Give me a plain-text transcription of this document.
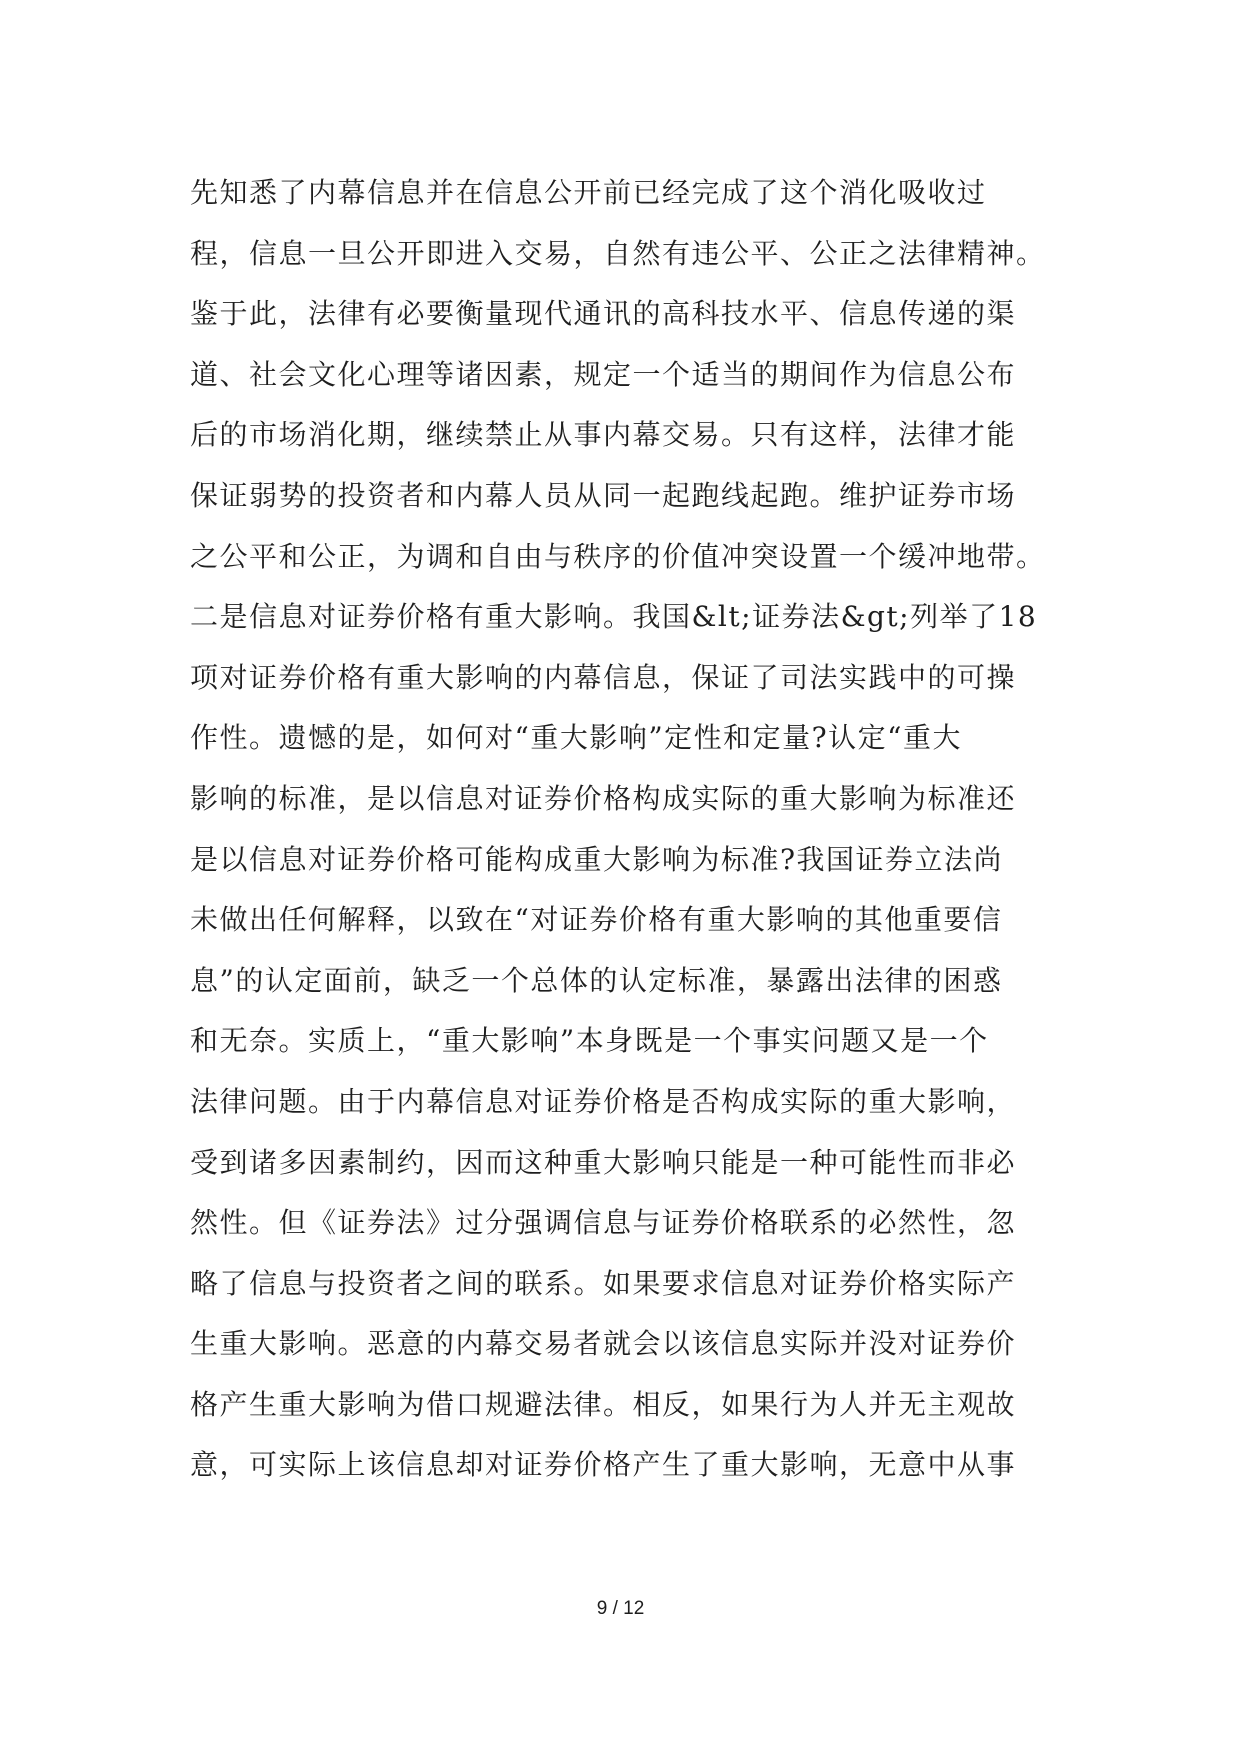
先知悉了内幕信息并在信息公开前已经完成了这个消化吸收过
程，信息一旦公开即进入交易，自然有违公平、公正之法律精神。
鉴于此，法律有必要衡量现代通讯的高科技水平、信息传递的渠
道、社会文化心理等诸因素，规定一个适当的期间作为信息公布
后的市场消化期，继续禁止从事内幕交易。只有这样，法律才能
保证弱势的投资者和内幕人员从同一起跑线起跑。维护证券市场
之公平和公正，为调和自由与秩序的价值冲突设置一个缓冲地带。
二是信息对证券价格有重大影响。我国&lt;证券法&gt;列举了18
项对证券价格有重大影响的内幕信息，保证了司法实践中的可操
作性。遗憾的是，如何对“重大影响”定性和定量?认定“重大
影响的标准，是以信息对证券价格构成实际的重大影响为标准还
是以信息对证券价格可能构成重大影响为标准?我国证券立法尚
未做出任何解释，以致在“对证券价格有重大影响的其他重要信
息”的认定面前，缺乏一个总体的认定标准，暴露出法律的困惑
和无奈。实质上，“重大影响”本身既是一个事实问题又是一个
法律问题。由于内幕信息对证券价格是否构成实际的重大影响，
受到诸多因素制约，因而这种重大影响只能是一种可能性而非必
然性。但《证券法》过分强调信息与证券价格联系的必然性，忽
略了信息与投资者之间的联系。如果要求信息对证券价格实际产
生重大影响。恶意的内幕交易者就会以该信息实际并没对证券价
格产生重大影响为借口规避法律。相反，如果行为人并无主观故
意，可实际上该信息却对证券价格产生了重大影响，无意中从事
9 / 12
